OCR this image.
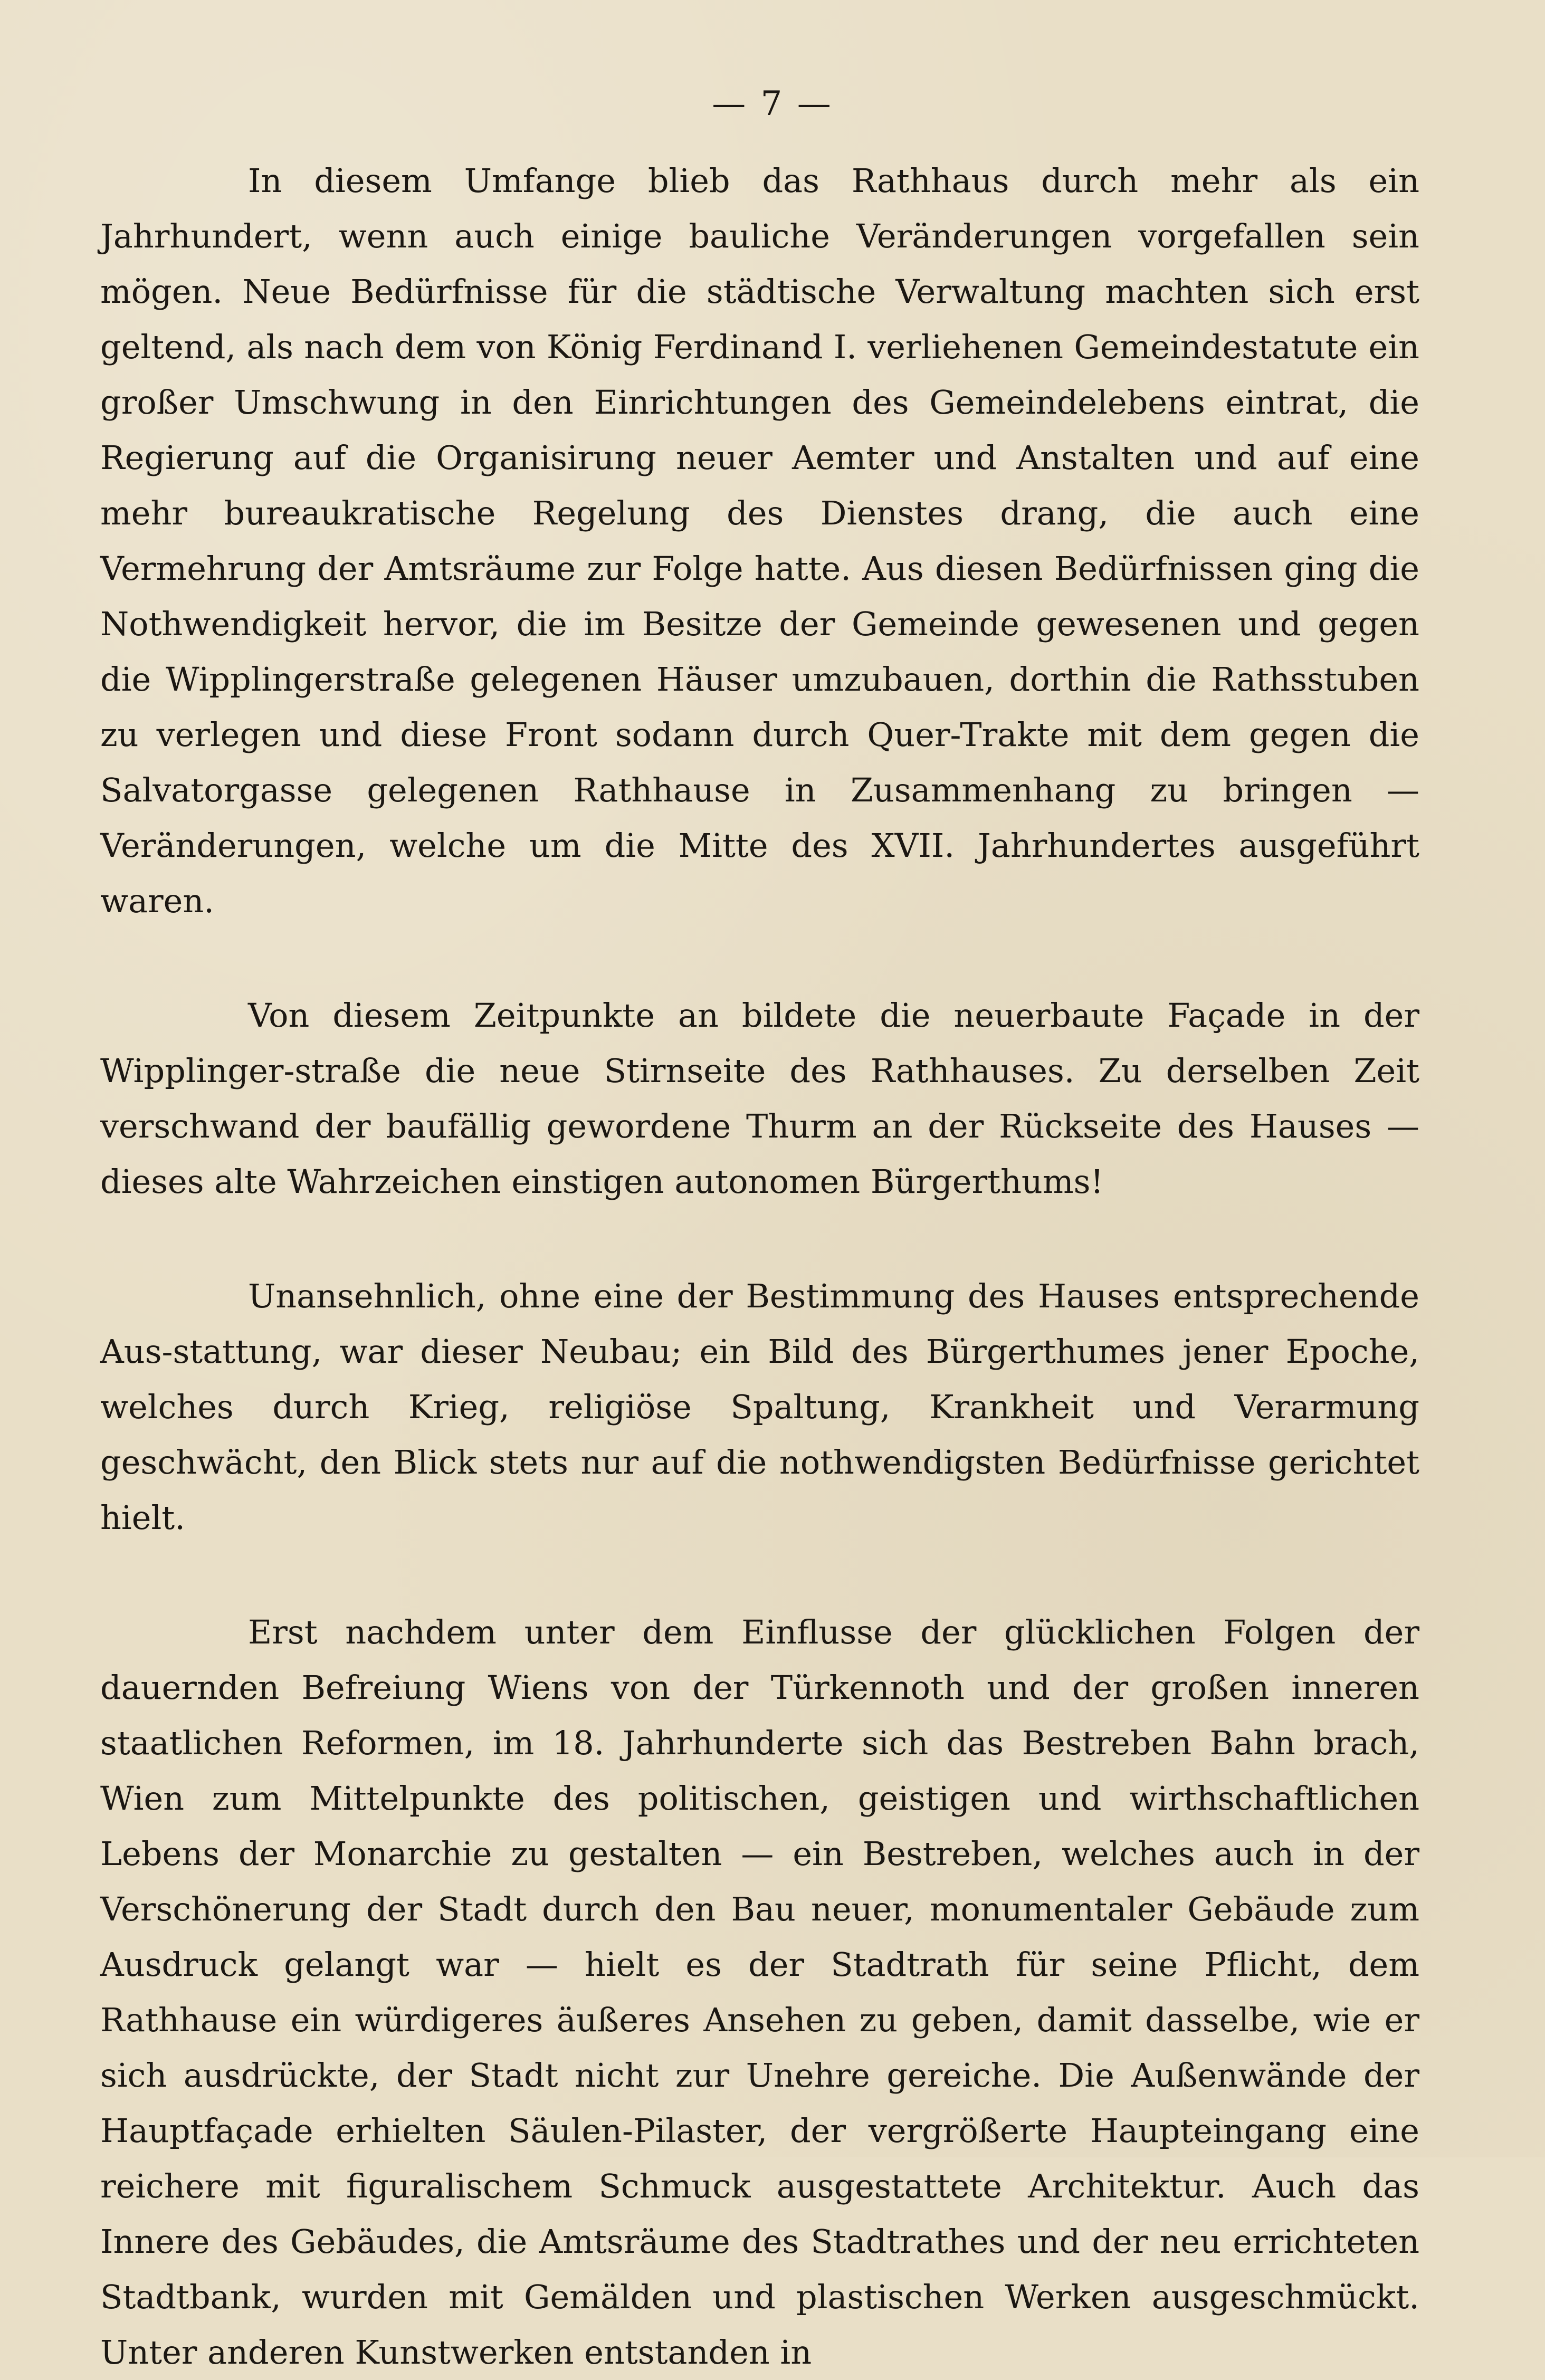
— 7 —

In diesem Umfange blieb das Rathhaus durch mehr als ein Jahrhundert, wenn auch einige bauliche Veränderungen vorgefallen sein mögen. Neue Bedürfnisse für die städtische Verwaltung machten sich erst geltend, als nach dem von König Ferdinand I. verliehenen Gemeindestatute ein großer Umschwung in den Einrichtungen des Gemeindelebens eintrat, die Regierung auf die Organisirung neuer Aemter und Anstalten und auf eine mehr bureaukratische Regelung des Dienstes drang, die auch eine Vermehrung der Amtsräume zur Folge hatte. Aus diesen Bedürfnissen ging die Nothwendigkeit hervor, die im Besitze der Gemeinde gewesenen und gegen die Wipplingerstraße gelegenen Häuser umzubauen, dorthin die Rathsstuben zu verlegen und diese Front sodann durch Quer-Trakte mit dem gegen die Salvatorgasse gelegenen Rathhause in Zusammenhang zu bringen — Veränderungen, welche um die Mitte des XVII. Jahrhundertes ausgeführt waren.

Von diesem Zeitpunkte an bildete die neuerbaute Façade in der Wipplinger-straße die neue Stirnseite des Rathhauses. Zu derselben Zeit verschwand der baufällig gewordene Thurm an der Rückseite des Hauses — dieses alte Wahrzeichen einstigen autonomen Bürgerthums!

Unansehnlich, ohne eine der Bestimmung des Hauses entsprechende Aus-stattung, war dieser Neubau; ein Bild des Bürgerthumes jener Epoche, welches durch Krieg, religiöse Spaltung, Krankheit und Verarmung geschwächt, den Blick stets nur auf die nothwendigsten Bedürfnisse gerichtet hielt.

Erst nachdem unter dem Einflusse der glücklichen Folgen der dauernden Befreiung Wiens von der Türkennoth und der großen inneren staatlichen Reformen, im 18. Jahrhunderte sich das Bestreben Bahn brach, Wien zum Mittelpunkte des politischen, geistigen und wirthschaftlichen Lebens der Monarchie zu gestalten — ein Bestreben, welches auch in der Verschönerung der Stadt durch den Bau neuer, monumentaler Gebäude zum Ausdruck gelangt war — hielt es der Stadtrath für seine Pflicht, dem Rathhause ein würdigeres äußeres Ansehen zu geben, damit dasselbe, wie er sich ausdrückte, der Stadt nicht zur Unehre gereiche. Die Außenwände der Hauptfaçade erhielten Säulen-Pilaster, der vergrößerte Haupteingang eine reichere mit figuralischem Schmuck ausgestattete Architektur. Auch das Innere des Gebäudes, die Amtsräume des Stadtrathes und der neu errichteten Stadtbank, wurden mit Gemälden und plastischen Werken ausgeschmückt. Unter anderen Kunstwerken entstanden in
